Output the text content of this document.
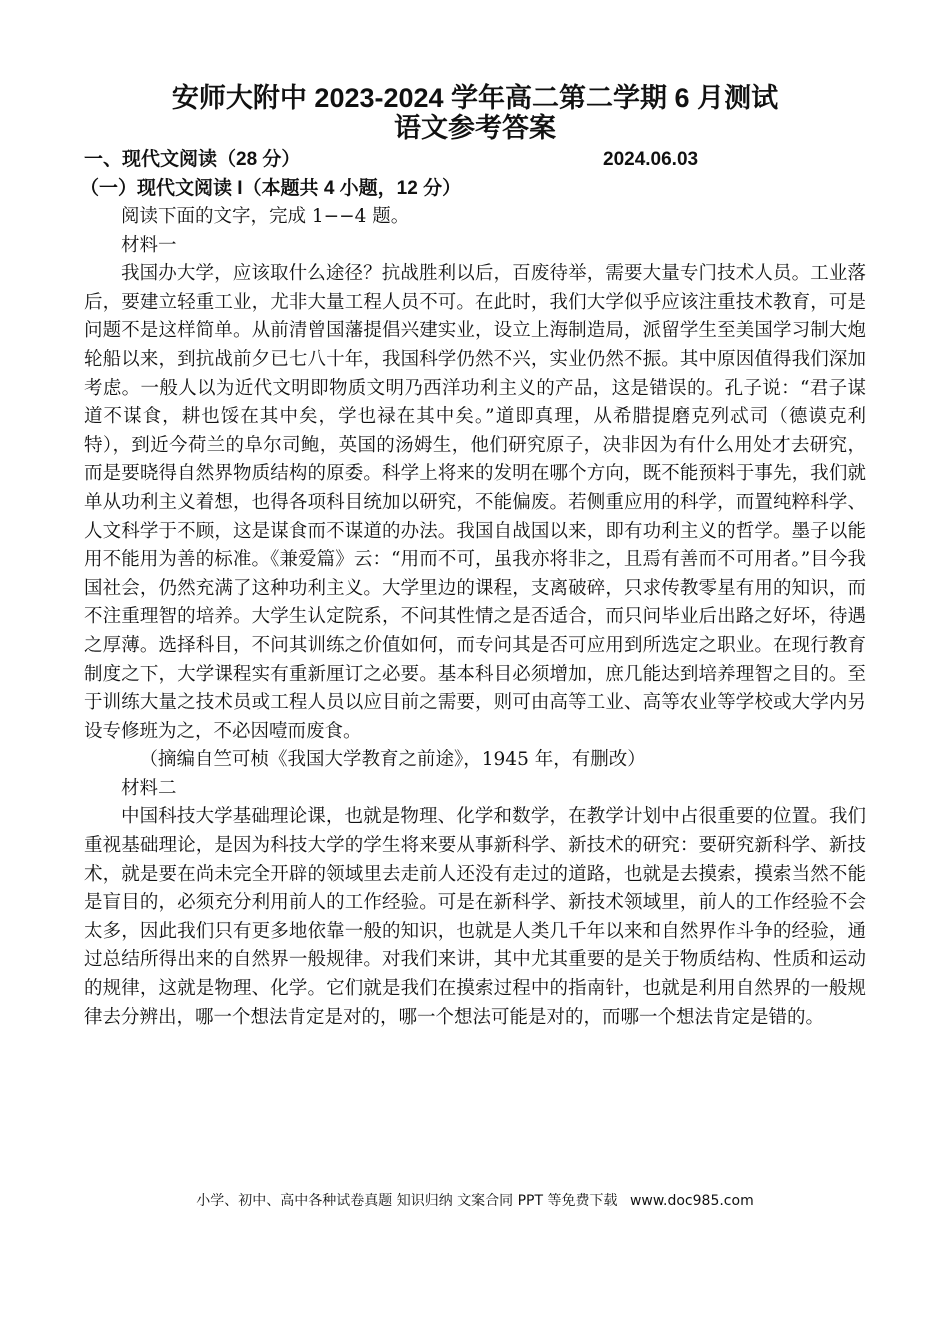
安师大附中 2023-2024 学年高二第二学期 6 月测试
语文参考答案
一、现代文阅读（28 分）	2024.06.03
（一）现代文阅读 I（本题共 4 小题，12 分）

阅读下面的文字，完成 1−−4 题。

材料一

我国办大学，应该取什么途径？抗战胜利以后，百废待举，需要大量专门技术人员。工业落后，要建立轻重工业，尤非大量工程人员不可。在此时，我们大学似乎应该注重技术教育，可是问题不是这样简单。从前清曾国藩提倡兴建实业，设立上海制造局，派留学生至美国学习制大炮轮船以来，到抗战前夕已七八十年，我国科学仍然不兴，实业仍然不振。其中原因值得我们深加考虑。一般人以为近代文明即物质文明乃西洋功利主义的产品，这是错误的。孔子说：“君子谋道不谋食，耕也馁在其中矣，学也禄在其中矣。”道即真理，从希腊提磨克列忒司（德谟克利特），到近今荷兰的阜尔司鲍，英国的汤姆生，他们研究原子，决非因为有什么用处才去研究，而是要晓得自然界物质结构的原委。科学上将来的发明在哪个方向，既不能预料于事先，我们就单从功利主义着想，也得各项科目统加以研究，不能偏废。若侧重应用的科学，而置纯粹科学、人文科学于不顾，这是谋食而不谋道的办法。我国自战国以来，即有功利主义的哲学。墨子以能用不能用为善的标准。《兼爱篇》云：“用而不可，虽我亦将非之，且焉有善而不可用者。”目今我国社会，仍然充满了这种功利主义。大学里边的课程，支离破碎，只求传教零星有用的知识，而不注重理智的培养。大学生认定院系，不问其性情之是否适合，而只问毕业后出路之好坏，待遇之厚薄。选择科目，不问其训练之价值如何，而专问其是否可应用到所选定之职业。在现行教育制度之下，大学课程实有重新厘订之必要。基本科目必须增加，庶几能达到培养理智之目的。至于训练大量之技术员或工程人员以应目前之需要，则可由高等工业、高等农业等学校或大学内另设专修班为之，不必因噎而废食。

（摘编自竺可桢《我国大学教育之前途》，1945 年，有删改）

材料二

中国科技大学基础理论课，也就是物理、化学和数学，在教学计划中占很重要的位置。我们重视基础理论，是因为科技大学的学生将来要从事新科学、新技术的研究：要研究新科学、新技术，就是要在尚未完全开辟的领域里去走前人还没有走过的道路，也就是去摸索，摸索当然不能是盲目的，必须充分利用前人的工作经验。可是在新科学、新技术领域里，前人的工作经验不会太多，因此我们只有更多地依靠一般的知识，也就是人类几千年以来和自然界作斗争的经验，通过总结所得出来的自然界一般规律。对我们来讲，其中尤其重要的是关于物质结构、性质和运动的规律，这就是物理、化学。它们就是我们在摸索过程中的指南针，也就是利用自然界的一般规律去分辨出，哪一个想法肯定是对的，哪一个想法可能是对的，而哪一个想法肯定是错的。

小学、初中、高中各种试卷真题 知识归纳 文案合同 PPT 等免费下载 www.doc985.com
